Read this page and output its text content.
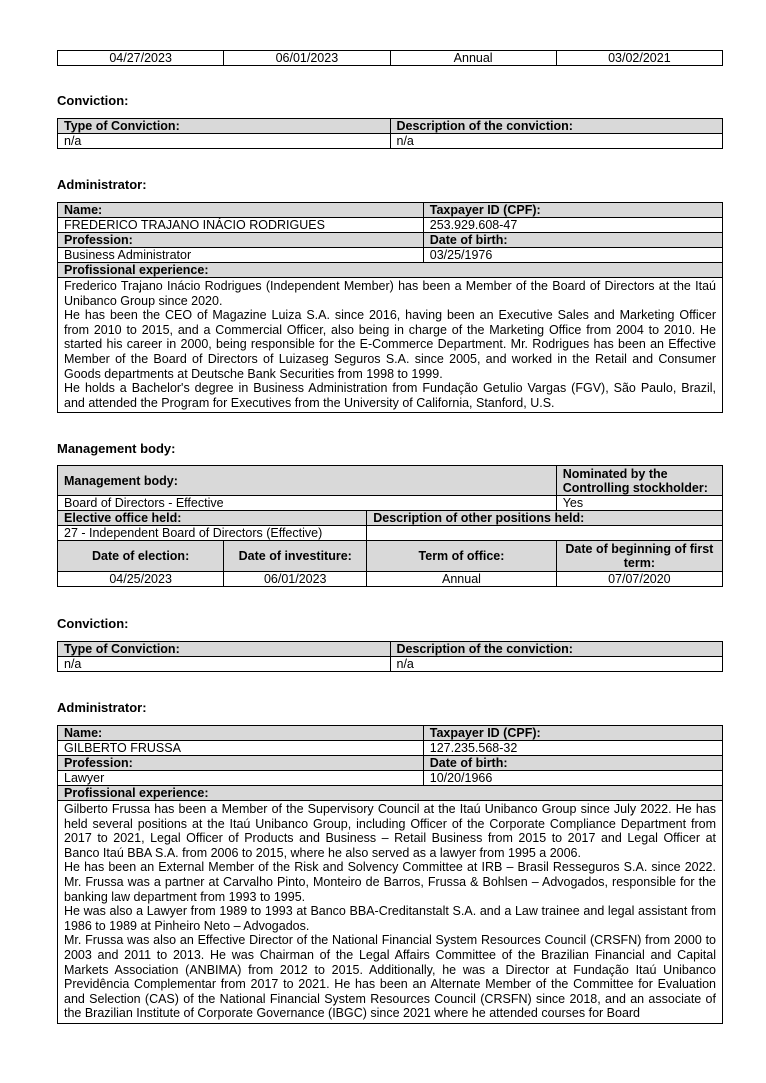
04/27/2023	06/01/2023	Annual	03/02/2021
Conviction:
Type of Conviction:	Description of the conviction:
n/a	n/a
Administrator:
Name:	Taxpayer ID (CPF):
FREDERICO TRAJANO INÁCIO RODRIGUES	253.929.608-47
Profession:	Date of birth:
Business Administrator	03/25/1976
Profissional experience:	

Frederico Trajano Inácio Rodrigues (Independent Member) has been a Member of the Board of Directors at the Itaú Unibanco Group since 2020.

He has been the CEO of Magazine Luiza S.A. since 2016, having been an Executive Sales and Marketing Officer from 2010 to 2015, and a Commercial Officer, also being in charge of the Marketing Office from 2004 to 2010. He started his career in 2000, being responsible for the E-Commerce Department. Mr. Rodrigues has been an Effective Member of the Board of Directors of Luizaseg Seguros S.A. since 2005, and worked in the Retail and Consumer Goods departments at Deutsche Bank Securities from 1998 to 1999.

He holds a Bachelor's degree in Business Administration from Fundação Getulio Vargas (FGV), São Paulo, Brazil, and attended the Program for Executives from the University of California, Stanford, U.S.	

Management body:
Management body:			Nominated by the Controlling stockholder:
Board of Directors - Effective			Yes
Elective office held:		Description of other positions held:	
27 - Independent Board of Directors (Effective)			
Date of election:	Date of investiture:	Term of office:	Date of beginning of first term:
04/25/2023	06/01/2023	Annual	07/07/2020
Conviction:
Type of Conviction:	Description of the conviction:
n/a	n/a
Administrator:
Name:	Taxpayer ID (CPF):
GILBERTO FRUSSA	127.235.568-32
Profession:	Date of birth:
Lawyer	10/20/1966
Profissional experience:	

Gilberto Frussa has been a Member of the Supervisory Council at the Itaú Unibanco Group since July 2022. He has held several positions at the Itaú Unibanco Group, including Officer of the Corporate Compliance Department from 2017 to 2021, Legal Officer of Products and Business – Retail Business from 2015 to 2017 and Legal Officer at Banco Itaú BBA S.A. from 2006 to 2015, where he also served as a lawyer from 1995 a 2006.

He has been an External Member of the Risk and Solvency Committee at IRB – Brasil Resseguros S.A. since 2022. Mr. Frussa was a partner at Carvalho Pinto, Monteiro de Barros, Frussa & Bohlsen – Advogados, responsible for the banking law department from 1993 to 1995.

He was also a Lawyer from 1989 to 1993 at Banco BBA-Creditanstalt S.A. and a Law trainee and legal assistant from 1986 to 1989 at Pinheiro Neto – Advogados.

Mr. Frussa was also an Effective Director of the National Financial System Resources Council (CRSFN) from 2000 to 2003 and 2011 to 2013. He was Chairman of the Legal Affairs Committee of the Brazilian Financial and Capital Markets Association (ANBIMA) from 2012 to 2015. Additionally, he was a Director at Fundação Itaú Unibanco Previdência Complementar from 2017 to 2021. He has been an Alternate Member of the Committee for Evaluation and Selection (CAS) of the National Financial System Resources Council (CRSFN) since 2018, and an associate of the Brazilian Institute of Corporate Governance (IBGC) since 2021 where he attended courses for Board	
